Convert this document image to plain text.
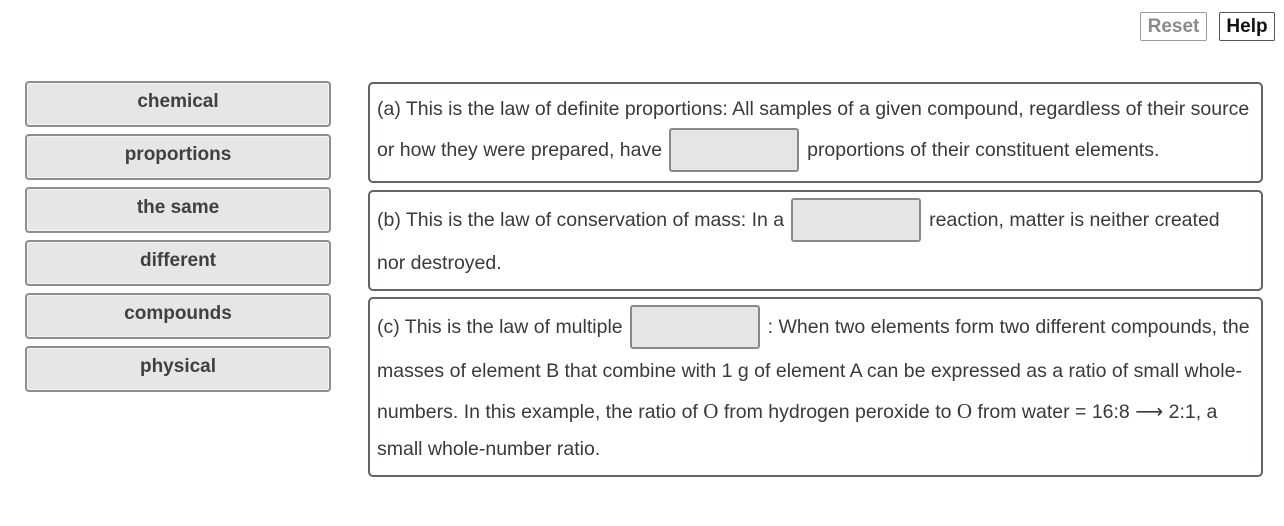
Reset	Help
chemical
proportions
the same
different
compounds
physical
(a) This is the law of definite proportions: All samples of a given compound, regardless of their source
or how they were prepared, have	proportions of their constituent elements.
(b) This is the law of conservation of mass: In a	reaction, matter is neither created
nor destroyed.
(c) This is the law of multiple	: When two elements form two different compounds, the
masses of element B that combine with 1 g of element A can be expressed as a ratio of small whole-
numbers. In this example, the ratio of O from hydrogen peroxide to O from water = 16:8 ⟶ 2:1, a
small whole-number ratio.
